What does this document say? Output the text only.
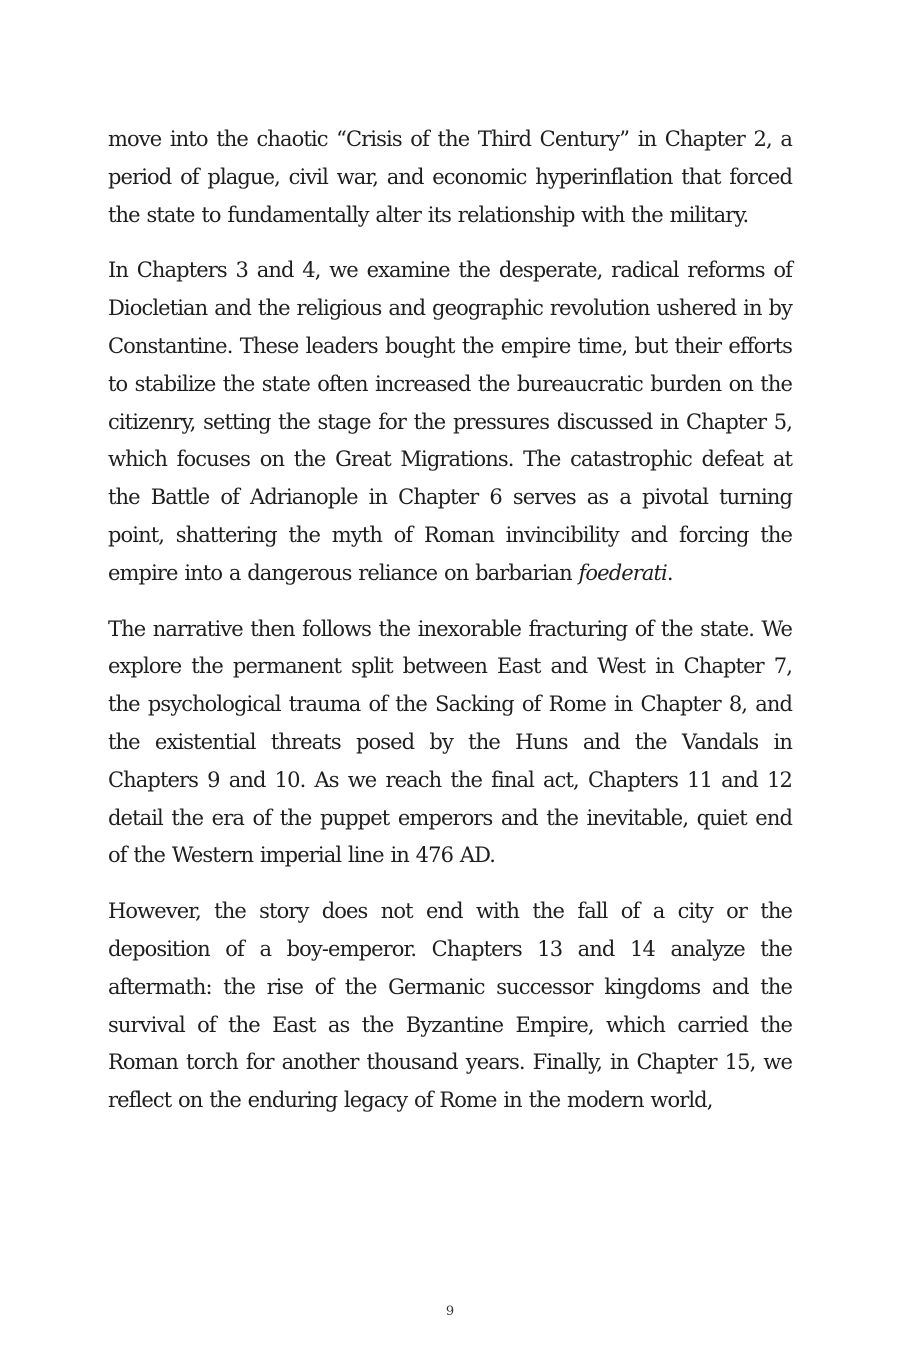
move into the chaotic “Crisis of the Third Century” in Chapter 2, a period of plague, civil war, and economic hyperinflation that forced the state to fundamentally alter its relationship with the military.

In Chapters 3 and 4, we examine the desperate, radical reforms of Diocletian and the religious and geographic revolution ushered in by Constantine. These leaders bought the empire time, but their efforts to stabilize the state often increased the bureaucratic burden on the citizenry, setting the stage for the pressures discussed in Chapter 5, which focuses on the Great Migrations. The catastrophic defeat at the Battle of Adrianople in Chapter 6 serves as a pivotal turning point, shattering the myth of Roman invincibility and forcing the empire into a dangerous reliance on barbarian foederati.

The narrative then follows the inexorable fracturing of the state. We explore the permanent split between East and West in Chapter 7, the psychological trauma of the Sacking of Rome in Chapter 8, and the existential threats posed by the Huns and the Vandals in Chapters 9 and 10. As we reach the final act, Chapters 11 and 12 detail the era of the puppet emperors and the inevitable, quiet end of the Western imperial line in 476 AD.

However, the story does not end with the fall of a city or the deposition of a boy-emperor. Chapters 13 and 14 analyze the aftermath: the rise of the Germanic successor kingdoms and the survival of the East as the Byzantine Empire, which carried the Roman torch for another thousand years. Finally, in Chapter 15, we reflect on the enduring legacy of Rome in the modern world,

9
